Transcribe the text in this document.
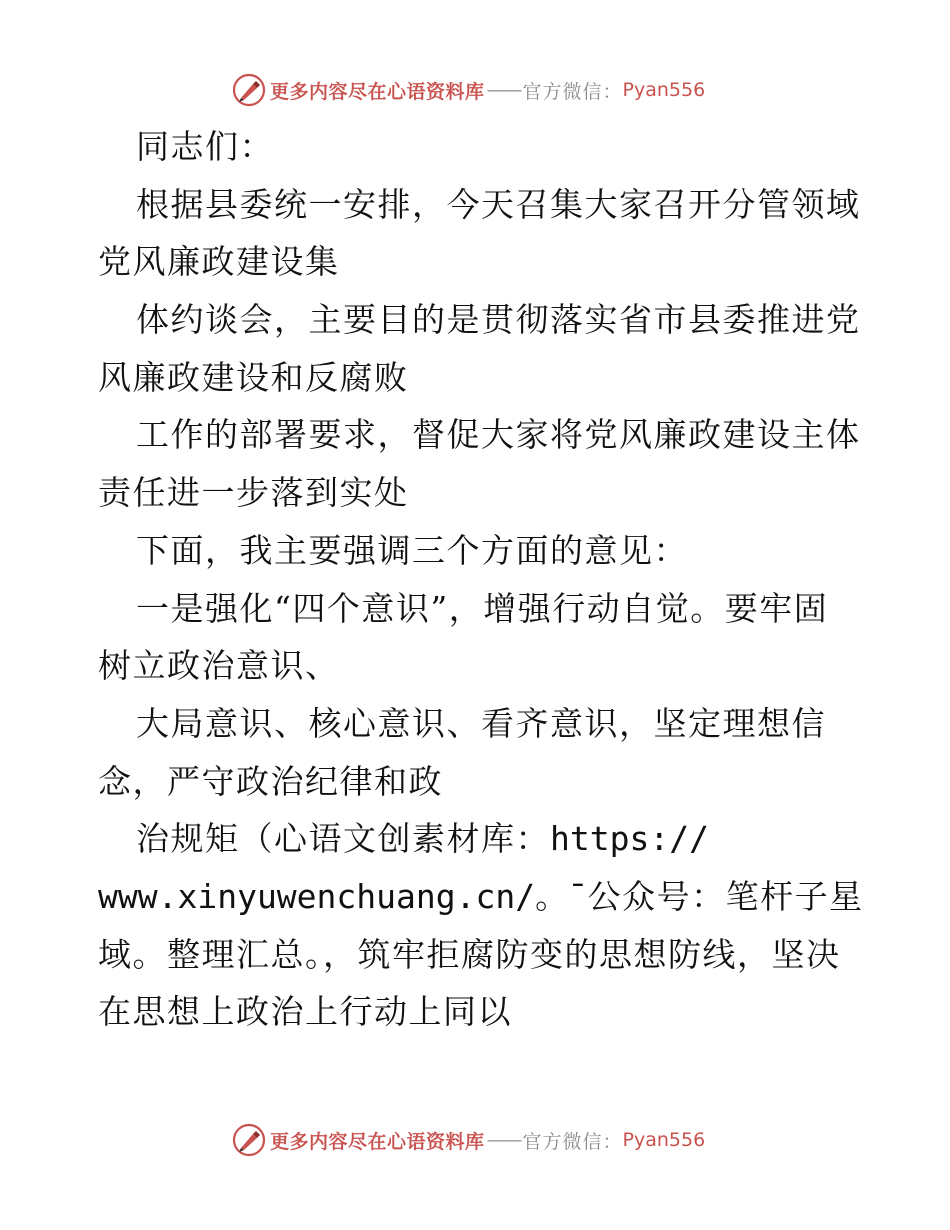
更多内容尽在心语资料库 —— 官方微信： Pyan556
同志们：
根据县委统一安排，今天召集大家召开分管领域
党风廉政建设集
体约谈会，主要目的是贯彻落实省市县委推进党
风廉政建设和反腐败
工作的部署要求，督促大家将党风廉政建设主体
责任进一步落到实处
下面，我主要强调三个方面的意见：
一是强化“四个意识”，增强行动自觉。要牢固
树立政治意识、
大局意识、核心意识、看齐意识，坚定理想信
念，严守政治纪律和政
治规矩（心语文创素材库：https://
www.xinyuwenchuang.cn/。¯公众号：笔杆子星
域。整理汇总。，筑牢拒腐防变的思想防线，坚决
在思想上政治上行动上同以
更多内容尽在心语资料库 —— 官方微信： Pyan556
